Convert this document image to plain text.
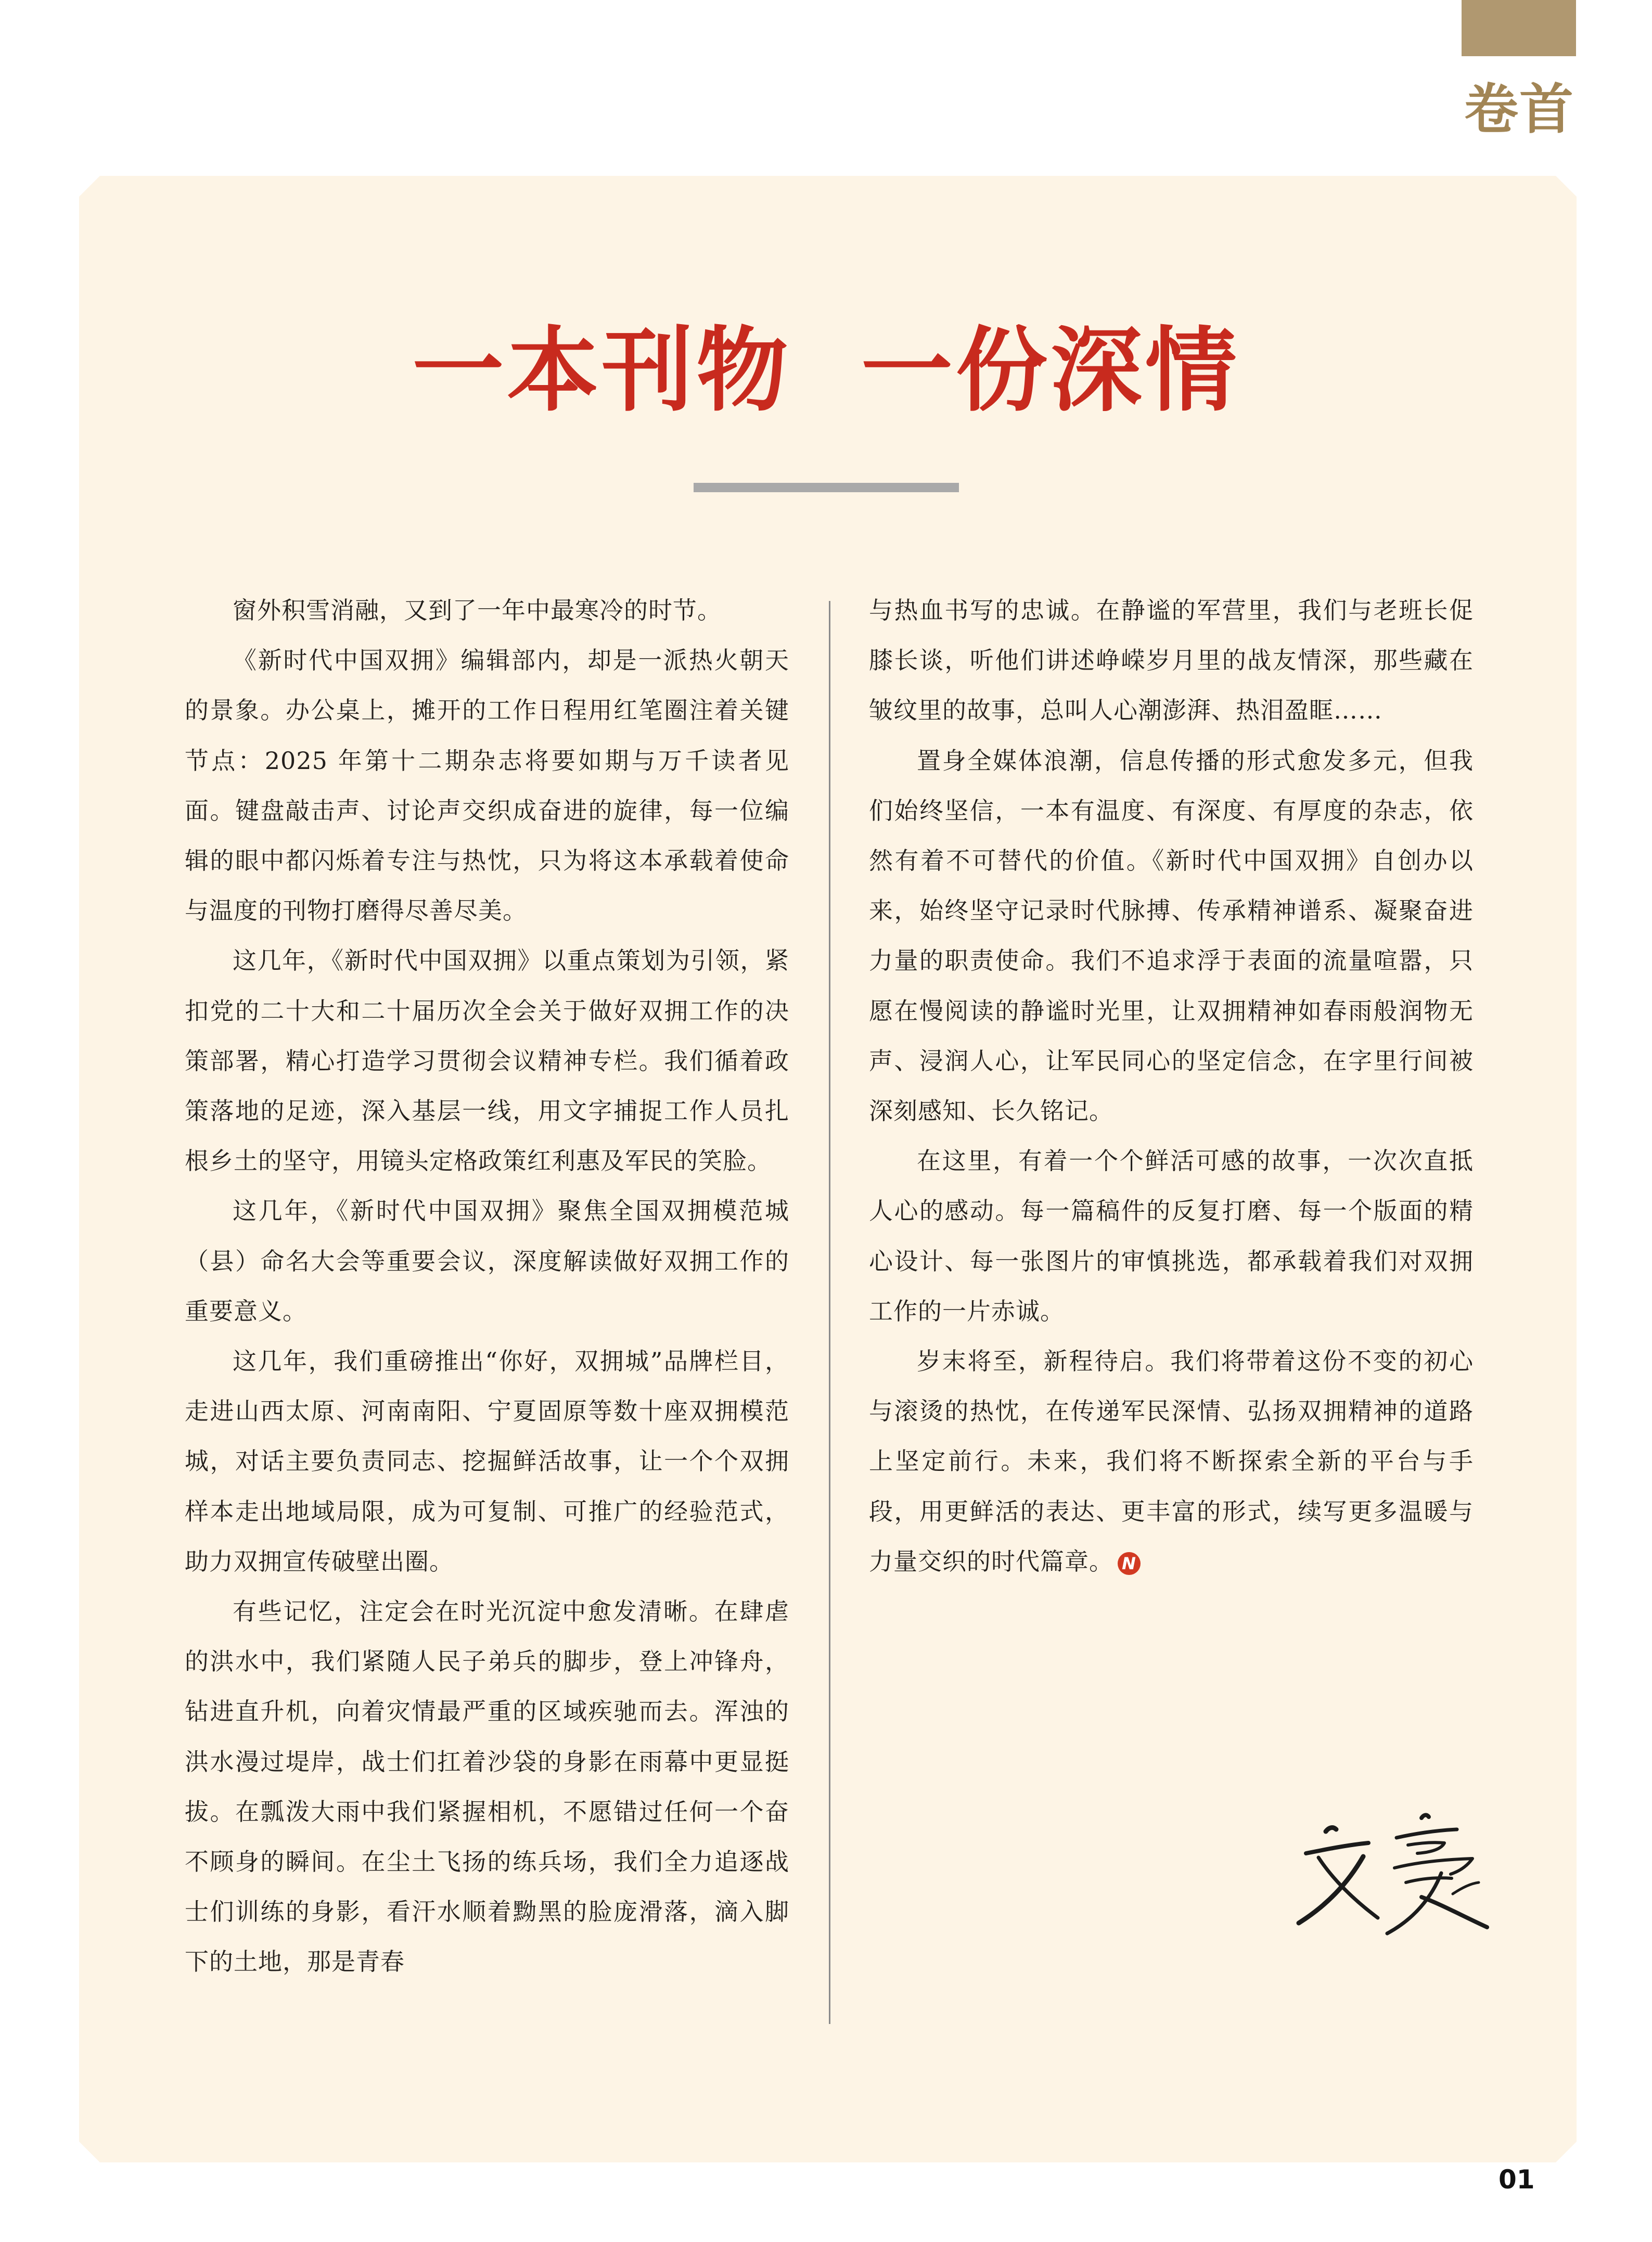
卷首
一本刊物  一份深情

窗外积雪消融，又到了一年中最寒冷的时节。

《新时代中国双拥》编辑部内，却是一派热火朝天的景象。办公桌上，摊开的工作日程用红笔圈注着关键节点：2025 年第十二期杂志将要如期与万千读者见面。键盘敲击声、讨论声交织成奋进的旋律，每一位编辑的眼中都闪烁着专注与热忱，只为将这本承载着使命与温度的刊物打磨得尽善尽美。

这几年，《新时代中国双拥》以重点策划为引领，紧扣党的二十大和二十届历次全会关于做好双拥工作的决策部署，精心打造学习贯彻会议精神专栏。我们循着政策落地的足迹，深入基层一线，用文字捕捉工作人员扎根乡土的坚守，用镜头定格政策红利惠及军民的笑脸。

这几年，《新时代中国双拥》聚焦全国双拥模范城（县）命名大会等重要会议，深度解读做好双拥工作的重要意义。

这几年，我们重磅推出“你好，双拥城”品牌栏目，走进山西太原、河南南阳、宁夏固原等数十座双拥模范城，对话主要负责同志、挖掘鲜活故事，让一个个双拥样本走出地域局限，成为可复制、可推广的经验范式，助力双拥宣传破壁出圈。

有些记忆，注定会在时光沉淀中愈发清晰。在肆虐的洪水中，我们紧随人民子弟兵的脚步，登上冲锋舟，钻进直升机，向着灾情最严重的区域疾驰而去。浑浊的洪水漫过堤岸，战士们扛着沙袋的身影在雨幕中更显挺拔。在瓢泼大雨中我们紧握相机，不愿错过任何一个奋不顾身的瞬间。在尘土飞扬的练兵场，我们全力追逐战士们训练的身影，看汗水顺着黝黑的脸庞滑落，滴入脚下的土地，那是青春

与热血书写的忠诚。在静谧的军营里，我们与老班长促膝长谈，听他们讲述峥嵘岁月里的战友情深，那些藏在皱纹里的故事，总叫人心潮澎湃、热泪盈眶……

置身全媒体浪潮，信息传播的形式愈发多元，但我们始终坚信，一本有温度、有深度、有厚度的杂志，依然有着不可替代的价值。《新时代中国双拥》自创办以来，始终坚守记录时代脉搏、传承精神谱系、凝聚奋进力量的职责使命。我们不追求浮于表面的流量喧嚣，只愿在慢阅读的静谧时光里，让双拥精神如春雨般润物无声、浸润人心，让军民同心的坚定信念，在字里行间被深刻感知、长久铭记。

在这里，有着一个个鲜活可感的故事，一次次直抵人心的感动。每一篇稿件的反复打磨、每一个版面的精心设计、每一张图片的审慎挑选，都承载着我们对双拥工作的一片赤诚。

岁末将至，新程待启。我们将带着这份不变的初心与滚烫的热忱，在传递军民深情、弘扬双拥精神的道路上坚定前行。未来，我们将不断探索全新的平台与手段，用更鲜活的表达、更丰富的形式，续写更多温暖与力量交织的时代篇章。 N

01
